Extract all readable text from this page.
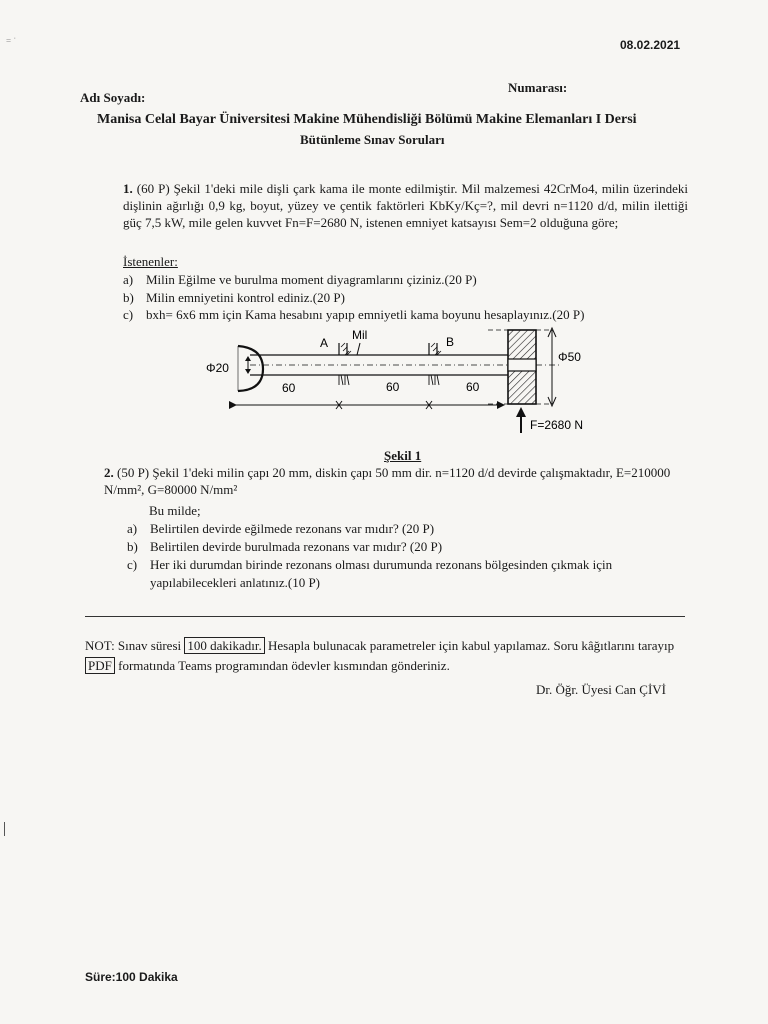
= ˈ	08.02.2021
Adı Soyadı:
Numarası:
Manisa Celal Bayar Üniversitesi Makine Mühendisliği Bölümü Makine Elemanları I Dersi
Bütünleme Sınav Soruları
1. (60 P) Şekil 1'deki mile dişli çark kama ile monte edilmiştir. Mil malzemesi 42CrMo4, milin üzerindeki dişlinin ağırlığı 0,9 kg, boyut, yüzey ve çentik faktörleri KbKy/Kç=?, mil devri n=1120 d/d, milin ilettiği güç 7,5 kW, mile gelen kuvvet Fn=F=2680 N, istenen emniyet katsayısı Sem=2 olduğuna göre;
İstenenler:
a) Milin Eğilme ve burulma moment diyagramlarını çiziniz.(20 P)
b) Milin emniyetini kontrol ediniz.(20 P)
c) bxh= 6x6 mm için Kama hesabını yapıp emniyetli kama boyunu hesaplayınız.(20 P)
Φ20
A
Mil	B
Φ50
60	60	60
F=2680 N
Şekil 1
2. (50 P) Şekil 1'deki milin çapı 20 mm, diskin çapı 50 mm dir. n=1120 d/d devirde çalışmaktadır, E=210000 N/mm², G=80000 N/mm²
Bu milde;
a) Belirtilen devirde eğilmede rezonans var mıdır? (20 P)
b) Belirtilen devirde burulmada rezonans var mıdır? (20 P)
c) Her iki durumdan birinde rezonans olması durumunda rezonans bölgesinden çıkmak için yapılabilecekleri anlatınız.(10 P)
NOT: Sınav süresi 100 dakikadır. Hesapla bulunacak parametreler için kabul yapılamaz. Soru kâğıtlarını tarayıp PDF formatında Teams programından ödevler kısmından gönderiniz.
Dr. Öğr. Üyesi Can ÇİVİ
Süre:100 Dakika
